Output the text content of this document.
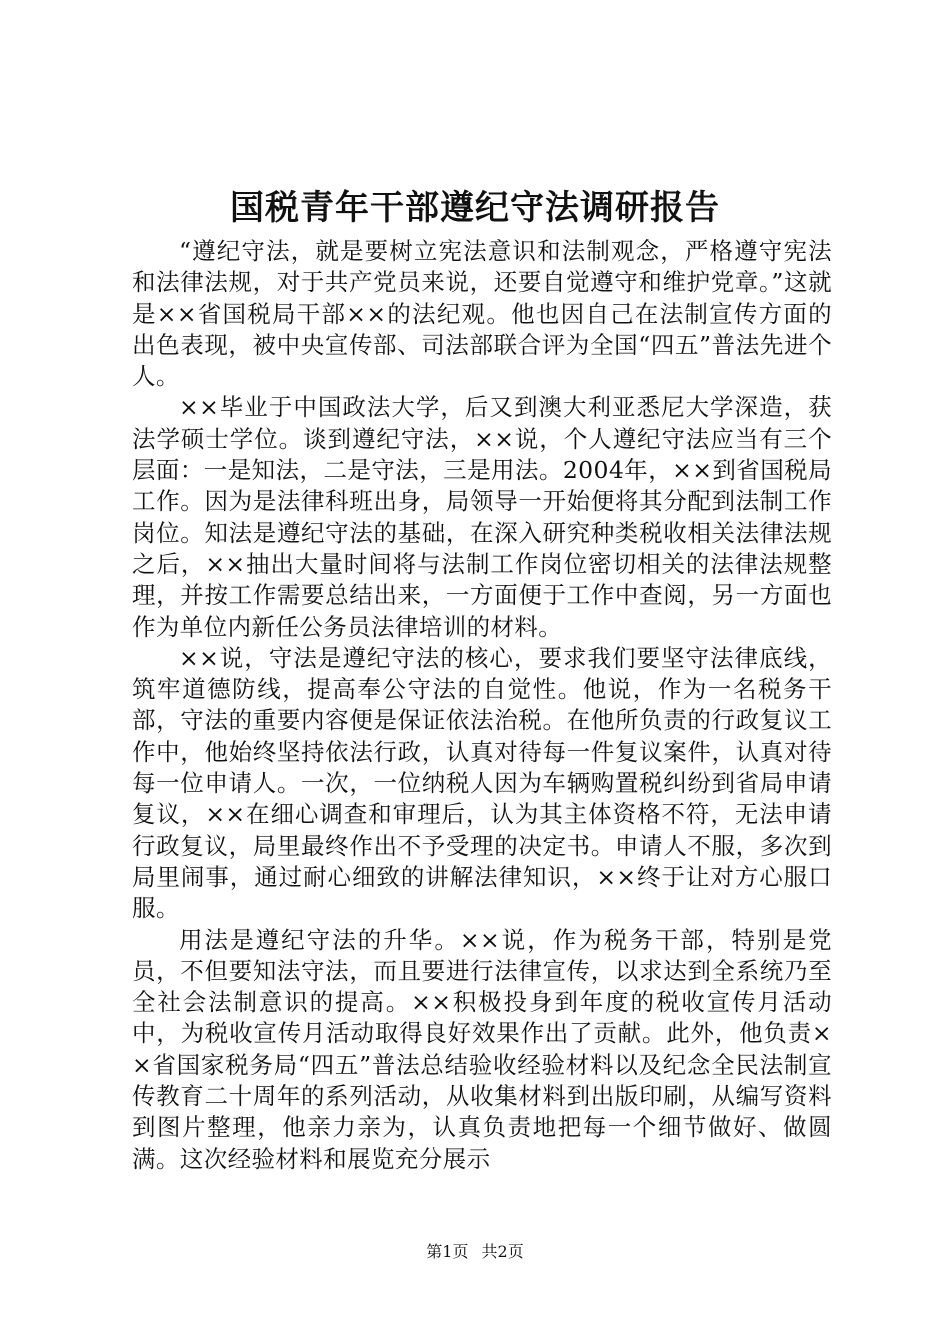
国税青年干部遵纪守法调研报告

“遵纪守法，就是要树立宪法意识和法制观念，严格遵守宪法和法律法规，对于共产党员来说，还要自觉遵守和维护党章。”这就是××省国税局干部××的法纪观。他也因自己在法制宣传方面的出色表现，被中央宣传部、司法部联合评为全国“四五”普法先进个人。

××毕业于中国政法大学，后又到澳大利亚悉尼大学深造，获法学硕士学位。谈到遵纪守法，××说，个人遵纪守法应当有三个层面：一是知法，二是守法，三是用法。2004年，××到省国税局工作。因为是法律科班出身，局领导一开始便将其分配到法制工作岗位。知法是遵纪守法的基础，在深入研究种类税收相关法律法规之后，××抽出大量时间将与法制工作岗位密切相关的法律法规整理，并按工作需要总结出来，一方面便于工作中查阅，另一方面也作为单位内新任公务员法律培训的材料。

××说，守法是遵纪守法的核心，要求我们要坚守法律底线，筑牢道德防线，提高奉公守法的自觉性。他说，作为一名税务干部，守法的重要内容便是保证依法治税。在他所负责的行政复议工作中，他始终坚持依法行政，认真对待每一件复议案件，认真对待每一位申请人。一次，一位纳税人因为车辆购置税纠纷到省局申请复议，××在细心调查和审理后，认为其主体资格不符，无法申请行政复议，局里最终作出不予受理的决定书。申请人不服，多次到局里闹事，通过耐心细致的讲解法律知识，××终于让对方心服口服。

用法是遵纪守法的升华。××说，作为税务干部，特别是党员，不但要知法守法，而且要进行法律宣传，以求达到全系统乃至全社会法制意识的提高。××积极投身到年度的税收宣传月活动中，为税收宣传月活动取得良好效果作出了贡献。此外，他负责××省国家税务局“四五”普法总结验收经验材料以及纪念全民法制宣传教育二十周年的系列活动，从收集材料到出版印刷，从编写资料到图片整理，他亲力亲为，认真负责地把每一个细节做好、做圆满。这次经验材料和展览充分展示

第1页 共2页
